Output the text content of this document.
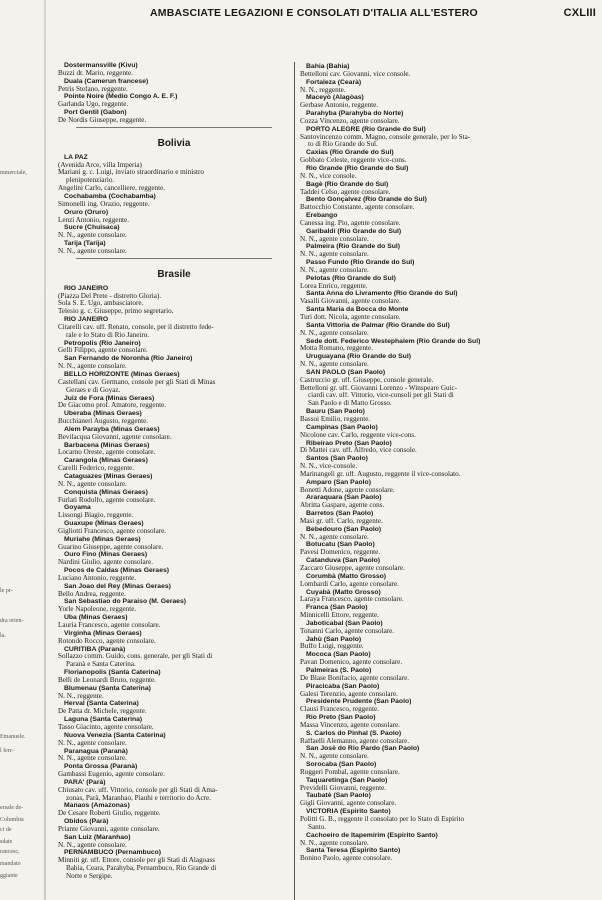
mmerciale,
le pr-
dra orien-
la.
Emanuele.
l ferr-
ersale de-
Columbia
ci de
sdate
rancesc,
mandato
ggiante
AMBASCIATE LEGAZIONI E CONSOLATI D'ITALIA ALL'ESTERO	CXLIII
Dostermansville (Kivu)
Buzzi dr. Mario, reggente.
Duala (Camerun francese)
Petris Stefano, reggente.
Pointe Noire (Medio Congo A. E. F.)
Garlanda Ugo, reggente.
Port Gentil (Gabon)
De Nordis Giuseppe, reggente.
Bolivia
LA PAZ
(Avenida Arce, villa Imperia)
Mariani g. c. Luigi, inviato straordinario e ministro
plenipotenziario.
Angelini Carlo, cancelliere, reggente.
Cochabamba (Cochabamba)
Simonelli ing. Orazio, reggente.
Oruro (Oruro)
Lenzi Antonio, reggente.
Sucre (Chuisaca)
N. N., agente consolare.
Tarija (Tarija)
N. N., agente consolare.
Brasile
RIO JANEIRO
(Piazza Del Prete - distretto Gloria).
Sola S. E. Ugo, ambasciatore.
Telesio g. c. Giuseppe, primo segretario.
RIO JANEIRO
Citarelli cav. uff. Renato, console, per il distretto fede-
rale e lo Stato di Rio Janeiro.
Petropolis (Rio Janeiro)
Gelli Filippo, agente consolare.
San Fernando de Noronha (Rio Janeiro)
N. N., agente consolare.
BELLO HORIZONTE (Minas Geraes)
Castellani cav. Germano, console per gli Stati di Minas
Geraes e di Goyaz.
Juiz de Fora (Minas Geraes)
De Giacomo prof. Amatore, reggente.
Uberaba (Minas Geraes)
Bucchianeri Augusto, reggente.
Alem Parayba (Minas Geraes)
Bevilacqua Giovanni, agente consolare.
Barbacena (Minas Geraes)
Locarno Oreste, agente consolare.
Carangola (Minas Geraes)
Carelli Federico, reggente.
Cataguazes (Minas Geraes)
N. N., agente consolare.
Conquista (Minas Geraes)
Furlati Rodolfo, agente consolare.
Goyama
Lissongi Biagio, reggente.
Guaxupe (Minas Geraes)
Gigliotti Francesco, agente consolare.
Muriahe (Minas Geraes)
Guarino Giuseppe, agente consolare.
Ouro Fino (Minas Geraes)
Nardini Giulio, agente consolare.
Pocos de Caldas (Minas Geraes)
Luciano Antonio, reggente.
San Joao del Rey (Minas Geraes)
Bello Andrea, reggente.
San Sebastiao do Paraiso (M. Geraes)
Yorle Napoleone, reggente.
Uba (Minas Geraes)
Lauria Francesco, agente consolare.
Virginha (Minas Geraes)
Rotondo Rocco, agente consolare.
CURITIBA (Paranà)
Sollazzo comm. Guido, cons. generale, per gli Stati di
Paranà e Santa Caterina.
Florianopolis (Santa Caterina)
Belli de Leonardi Bruto, reggente.
Blumenau (Santa Caterina)
N. N., reggente.
Herval (Santa Caterina)
De Patta dr. Michele, reggente.
Laguna (Santa Caterina)
Tasso Giacinto, agente consolare.
Nuova Venezia (Santa Caterina)
N. N., agente consolare.
Paranagua (Paranà)
N. N., agente consolare.
Ponta Grossa (Paranà)
Gambassi Eugenio, agente consolare.
PARA' (Parà)
Chiusato cav. uff. Vittorio, console per gli Stati di Ama-
zonas, Parà, Maranhao, Piauhi e territorio do Acre.
Manaos (Amazonas)
De Cesare Roberti Giulio, reggente.
Obidos (Parà)
Priante Giovanni, agente consolare.
San Luiz (Maranhao)
N. N., agente consolare.
PERNAMBUCO (Pernambuco)
Minniti gr. uff. Ettore, console per gli Stati di Alagoass
Bahia, Ceara, Parahyba, Pernambuco, Rio Grande di
Norte e Sergipe.
Bahia (Bahia)
Bettelloni cav. Giovanni, vice console.
Fortaleza (Cearà)
N. N., reggente.
Maceyò (Alagòas)
Gerbase Antonio, reggente.
Parahyba (Parahyba do Norte)
Cozza Vincenzo, agente consolare.
PORTO ALEGRE (Rio Grande do Sul)
Santovincenzo comm. Magno, console generale, per lo Sta-
to di Rio Grande do Sul.
Caxias (Rio Grande do Sul)
Gobbato Celeste, reggente vice-cons.
Rio Grande (Rio Grande do Sul)
N. N., vice console.
Bagè (Rio Grande do Sul)
Taddei Celso, agente consolare.
Bento Gonçalvez (Rio Grande do Sul)
Battocchio Constante, agente consolare.
Erebango
Canessa ing. Pio, agente consolare.
Garibaldi (Rio Grande do Sul)
N. N., agente consolare.
Palmeira (Rio Grande do Sul)
N. N., agente consolare.
Passo Fundo (Rio Grande do Sul)
N. N., agente consolare.
Pelotas (Rio Grande do Sul)
Lorea Enrico, reggente.
Santa Anna do Livramento (Rio Grande do Sul)
Vasalli Giovanni, agente consolare.
Santa Maria da Bocca do Monte
Turi dott. Nicola, agente consolare.
Santa Vittoria de Palmar (Rio Grande do Sul)
N. N., agente consolare.
Sede dott. Federico Westephalem (Rio Grande do Sul)
Motta Romano, reggente.
Uruguayana (Rio Grande do Sul)
N. N., agente consolare.
SAN PAOLO (San Paolo)
Castruccio gr. uff. Giuseppe, console generale.
Bettelloni gr. uff. Giovanni Lorenzo - Winspeare Guic-
ciardi cav. uff. Vittorio, vice-consoli per gli Stati di
San Paolo e di Matto Grosso.
Bauru (San Paolo)
Bassoi Emilio, reggente.
Campinas (San Paolo)
Nicolone cav. Carlo, reggente vice-cons.
Ribeirao Preto (San Paolo)
Di Mattei cav. uff. Alfredo, vice console.
Santos (San Paolo)
N. N., vice-console.
Marinangeli gr. uff. Augusto, reggente il vice-consolato.
Amparo (San Paolo)
Bonetti Adone, agente consolare.
Araraquara (San Paolo)
Abritta Gaspare, agente cons.
Barretos (San Paolo)
Masi gr. uff. Carlo, reggente.
Bebedouro (San Paolo)
N. N., agente consolare.
Botucatu (San Paolo)
Pavesi Domenico, reggente.
Catanduva (San Paolo)
Zaccaro Giuseppe, agente consolare.
Corumbà (Matto Grosso)
Lombardi Carlo, agente consolare.
Cuyabà (Matto Grosso)
Laraya Francesco, agente consolare.
Franca (San Paolo)
Minnicelli Ettore, reggente.
Jaboticabal (San Paolo)
Tonanni Carlo, agente consolare.
Jahù (San Paolo)
Buffo Luigi, reggente.
Mococa (San Paolo)
Pavan Domenico, agente consolare.
Palmeiras (S. Paolo)
De Blase Bonifacio, agente consolare.
Piracicaba (San Paolo)
Galesi Terenzio, agente consolare.
Presidente Prudente (San Paolo)
Clausi Francesco, reggente.
Rio Preto (San Paolo)
Massa Vincenzo, agente consolare.
S. Carlos do Pinhal (S. Paolo)
Raffaelli Alemanno, agente consolare.
San Josè do Rio Pardo (San Paolo)
N. N., agente consolare.
Sorocaba (San Paolo)
Ruggeri Pombal, agente consolare.
Taquaretinga (San Paolo)
Previdelli Giovanni, reggente.
Taubatè (San Paolo)
Gigli Giovanni, agente consolare.
VICTORIA (Espirito Santo)
Politti G. B., reggente il consolato per lo Stato di Espirito
Santo.
Cachoeiro de Itapemirim (Espirito Santo)
N. N., agente consolare.
Santa Teresa (Espirito Santo)
Bonino Paolo, agente consolare.
